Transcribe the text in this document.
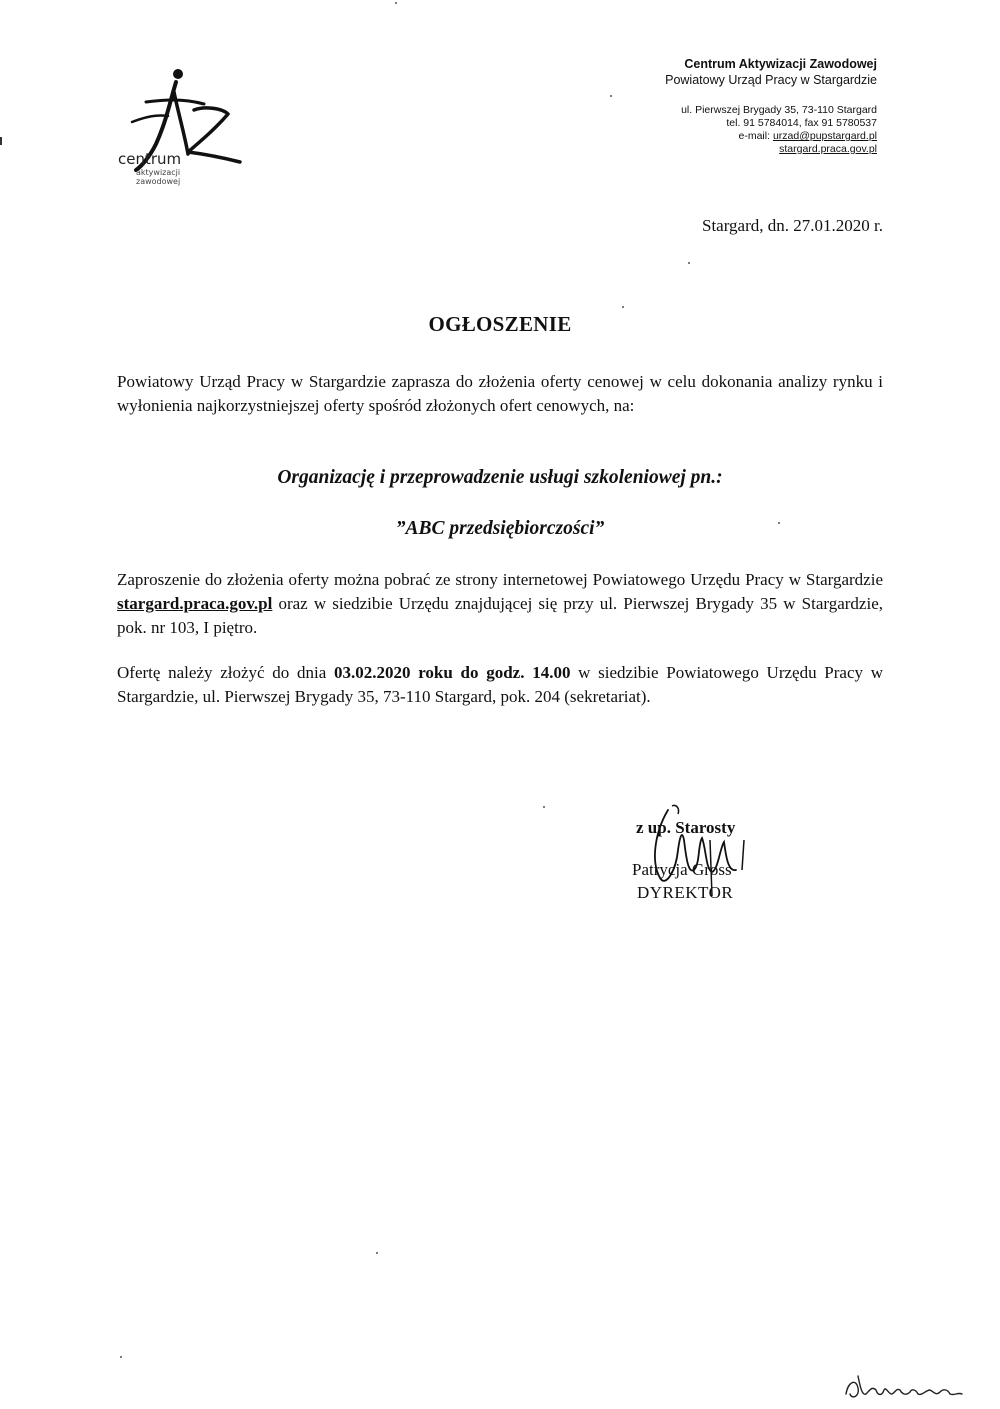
centrum
aktywizacji
zawodowej
Centrum Aktywizacji Zawodowej
Powiatowy Urząd Pracy w Stargardzie
ul. Pierwszej Brygady 35, 73-110 Stargard
tel. 91 5784014, fax 91 5780537
e-mail: urzad@pupstargard.pl
stargard.praca.gov.pl
Stargard, dn. 27.01.2020 r.
OGŁOSZENIE
Powiatowy Urząd Pracy w Stargardzie zaprasza do złożenia oferty cenowej w celu dokonania analizy rynku i wyłonienia najkorzystniejszej oferty spośród złożonych ofert cenowych, na:
Organizację i przeprowadzenie usługi szkoleniowej pn.:
”ABC przedsiębiorczości”
Zaproszenie do złożenia oferty można pobrać ze strony internetowej Powiatowego Urzędu Pracy w Stargardzie stargard.praca.gov.pl oraz w siedzibie Urzędu znajdującej się przy ul. Pierwszej Brygady 35 w Stargardzie, pok. nr 103, I piętro.
Ofertę należy złożyć do dnia 03.02.2020 roku do godz. 14.00 w siedzibie Powiatowego Urzędu Pracy w Stargardzie, ul. Pierwszej Brygady 35, 73-110 Stargard, pok. 204 (sekretariat).
z up. Starosty
Patrycja Gross
DYREKTOR
